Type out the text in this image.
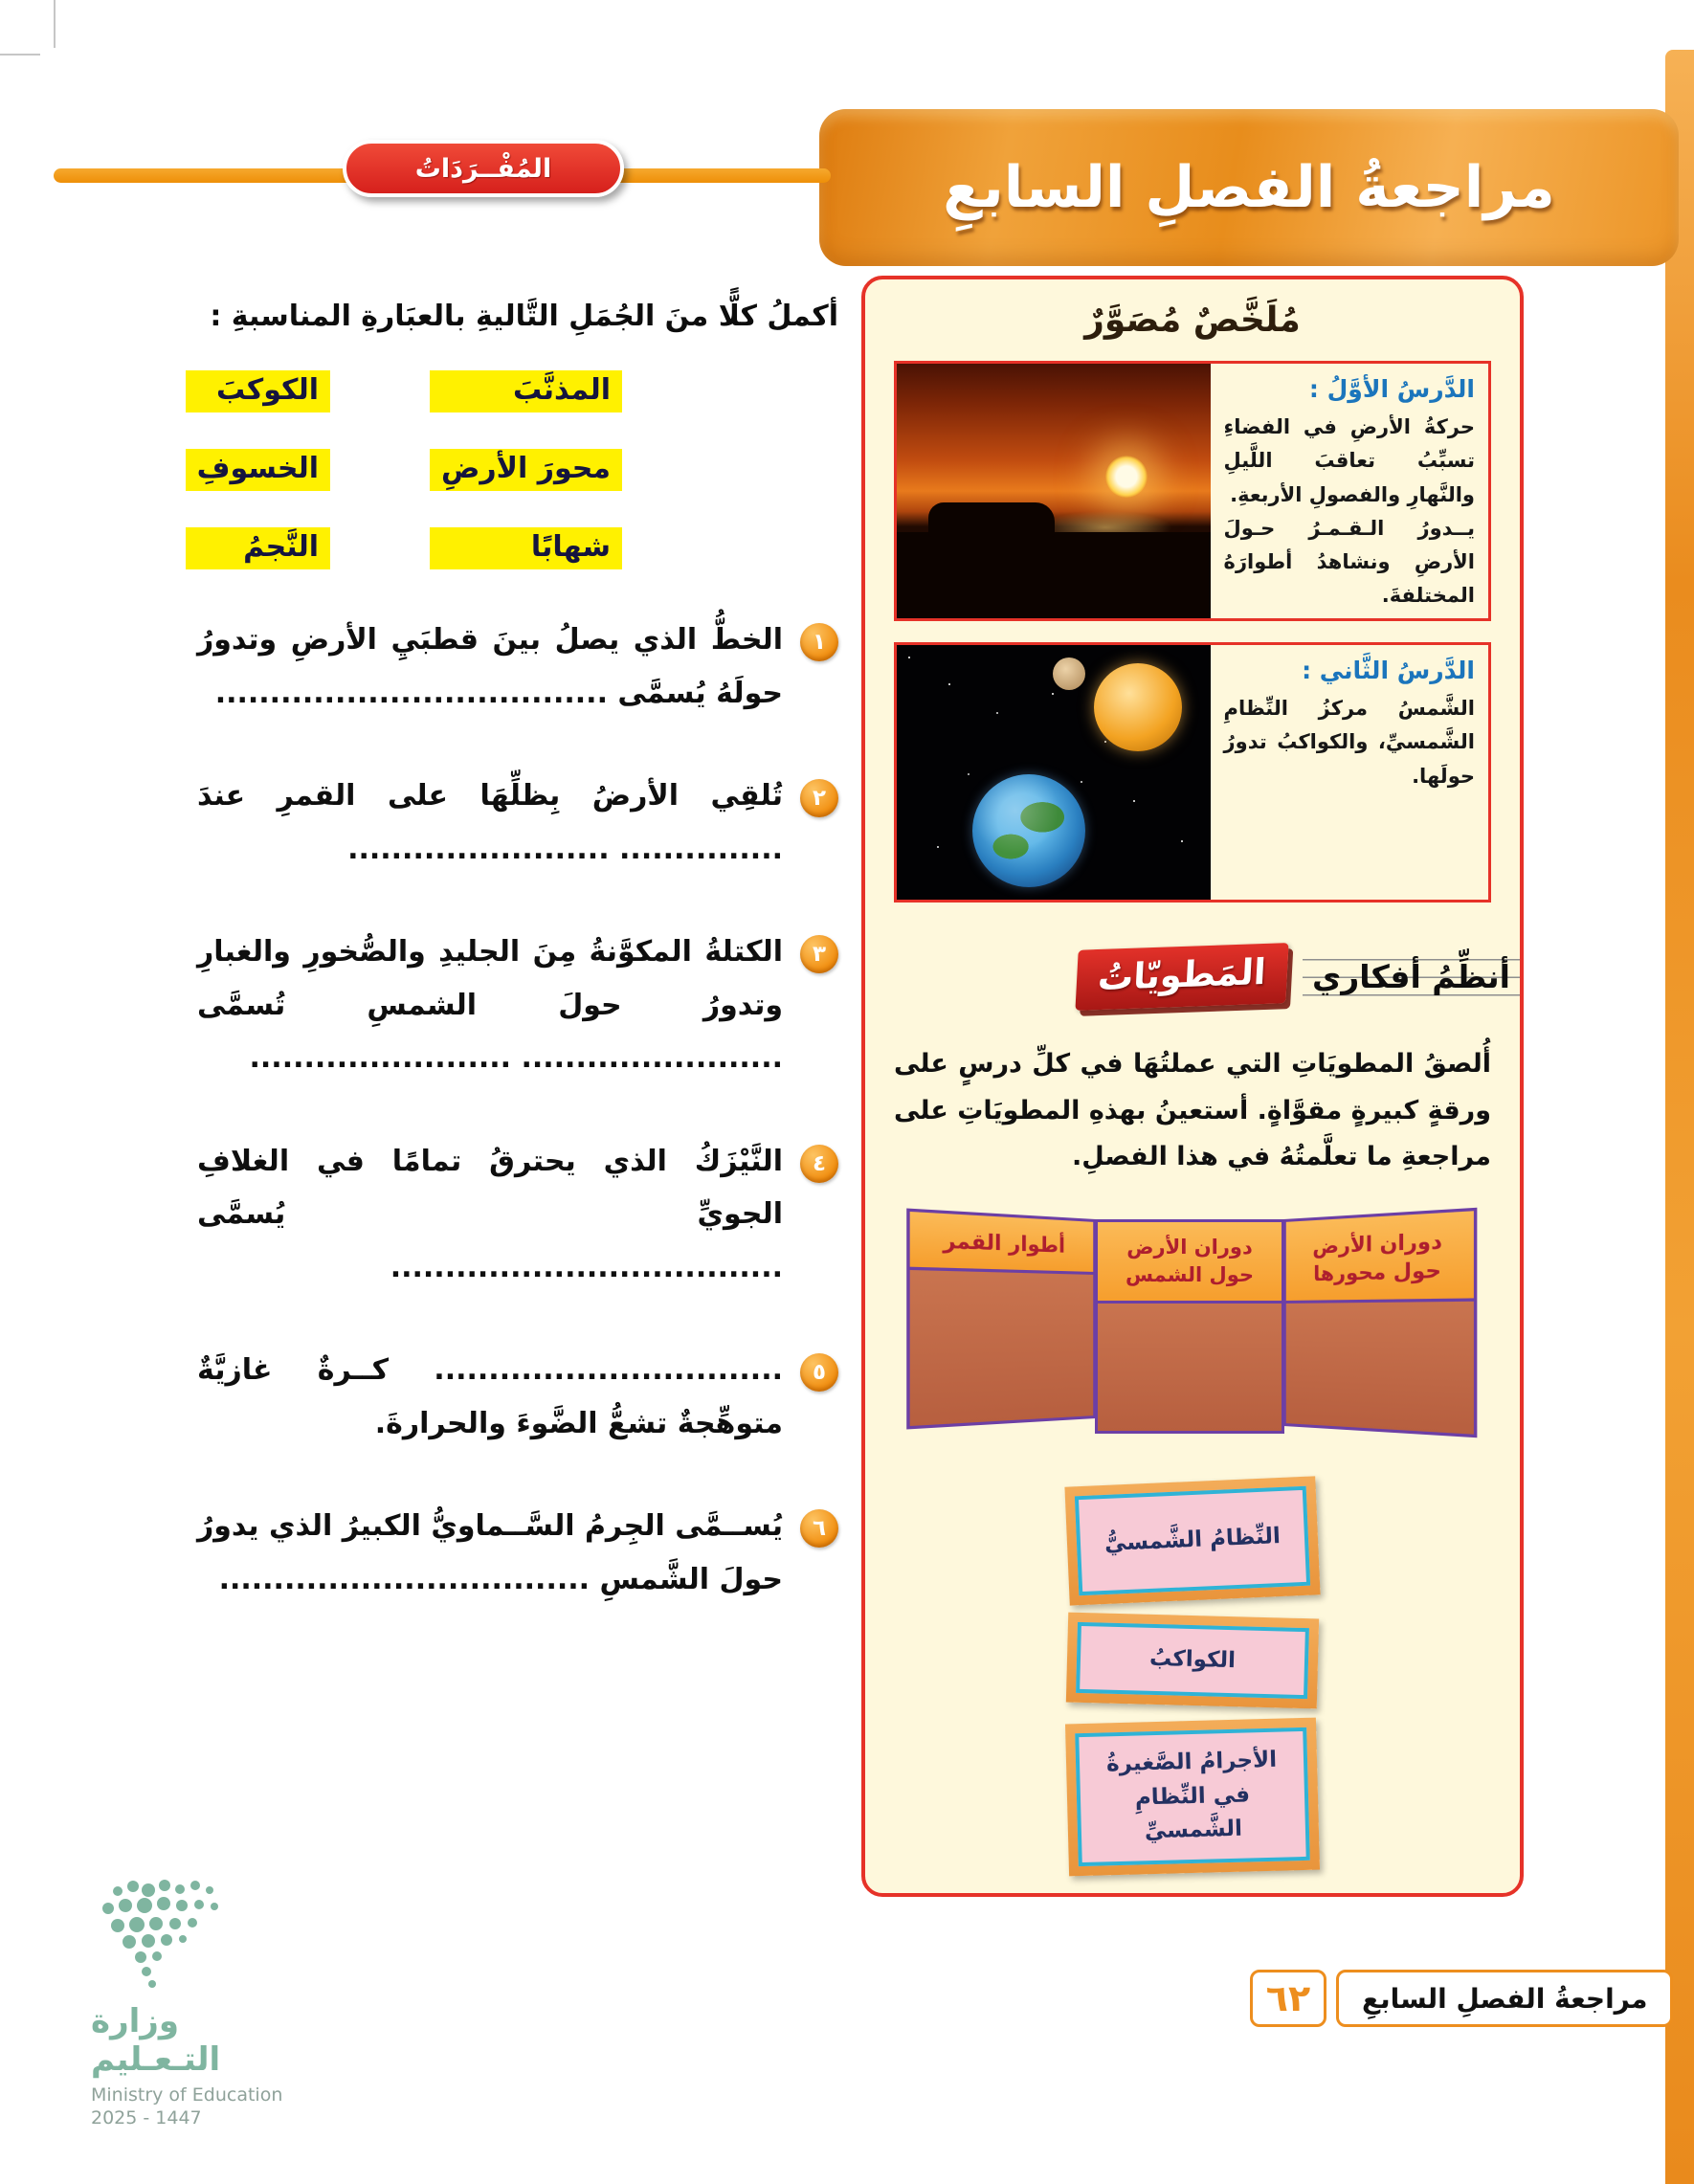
مراجعةُ الفصلِ السابعِ
المُفْــرَدَاتُ
أكملُ كلًّا منَ الجُمَلِ التَّاليةِ بالعبَارةِ المناسبةِ :
المذنَّبَ
الكوكبَ
محورَ الأرضِ
الخسوفِ
شهابًا
النَّجمُ
١
الخطُّ الذي يصلُ بينَ قطبَيِ الأرضِ وتدورُ حولَهُ يُسمَّى ....................................
٢
تُلقِي الأرضُ بِظلِّهَا على القمرِ عندَ ............... ........................
٣
الكتلةُ المكوَّنةُ مِنَ الجليدِ والصُّخورِ والغبارِ وتدورُ حولَ الشمسِ تُسمَّى ........................ ........................
٤
النَّيْزَكُ الذي يحترقُ تمامًا في الغلافِ الجويِّ يُسمَّى ....................................
٥
................................ كــرةٌ غازيَّةٌ متوهِّجةٌ تشعُّ الضَّوءَ والحرارةَ.
٦
يُســمَّى الجِرمُ السَّــماويُّ الكبيرُ الذي يدورُ حولَ الشَّمسِ ..................................
مُلَخَّصٌ مُصَوَّرٌ
الدَّرسُ الأوَّلُ :
حركةُ الأرضِ في الفضاءِ تسبِّبُ تعاقبَ اللَّيلِ والنَّهارِ والفصولِ الأربعةِ.
يــدورُ الـقـمـرُ حـولَ الأرضِ ونشاهدُ أطوارَهُ المختلفةَ.
الدَّرسُ الثَّاني :
الشَّمسُ مركزُ النِّظامِ الشَّمسيِّ، والكواكبُ تدورُ حولَها.
المَطويّاتُ	أنظِّمُ أفكاري
أُلصقُ المطويَاتِ التي عملتُهَا في كلِّ درسٍ على ورقةٍ كبيرةٍ مقوَّاةٍ. أستعينُ بهذهِ المطويَاتِ على مراجعةِ ما تعلَّمتُهُ في هذا الفصلِ.
أطوار القمر	دوران الأرض حول الشمس
دوران الأرض حول محورها
النِّظامُ الشَّمسيُّ
الكواكبُ
الأجرامُ الصَّغيرةُ في النِّظامِ الشَّمسيِّ
وزارة التـعـليم
Ministry of Education
2025 - 1447
٦٢	مراجعةُ الفصلِ السابعِ
